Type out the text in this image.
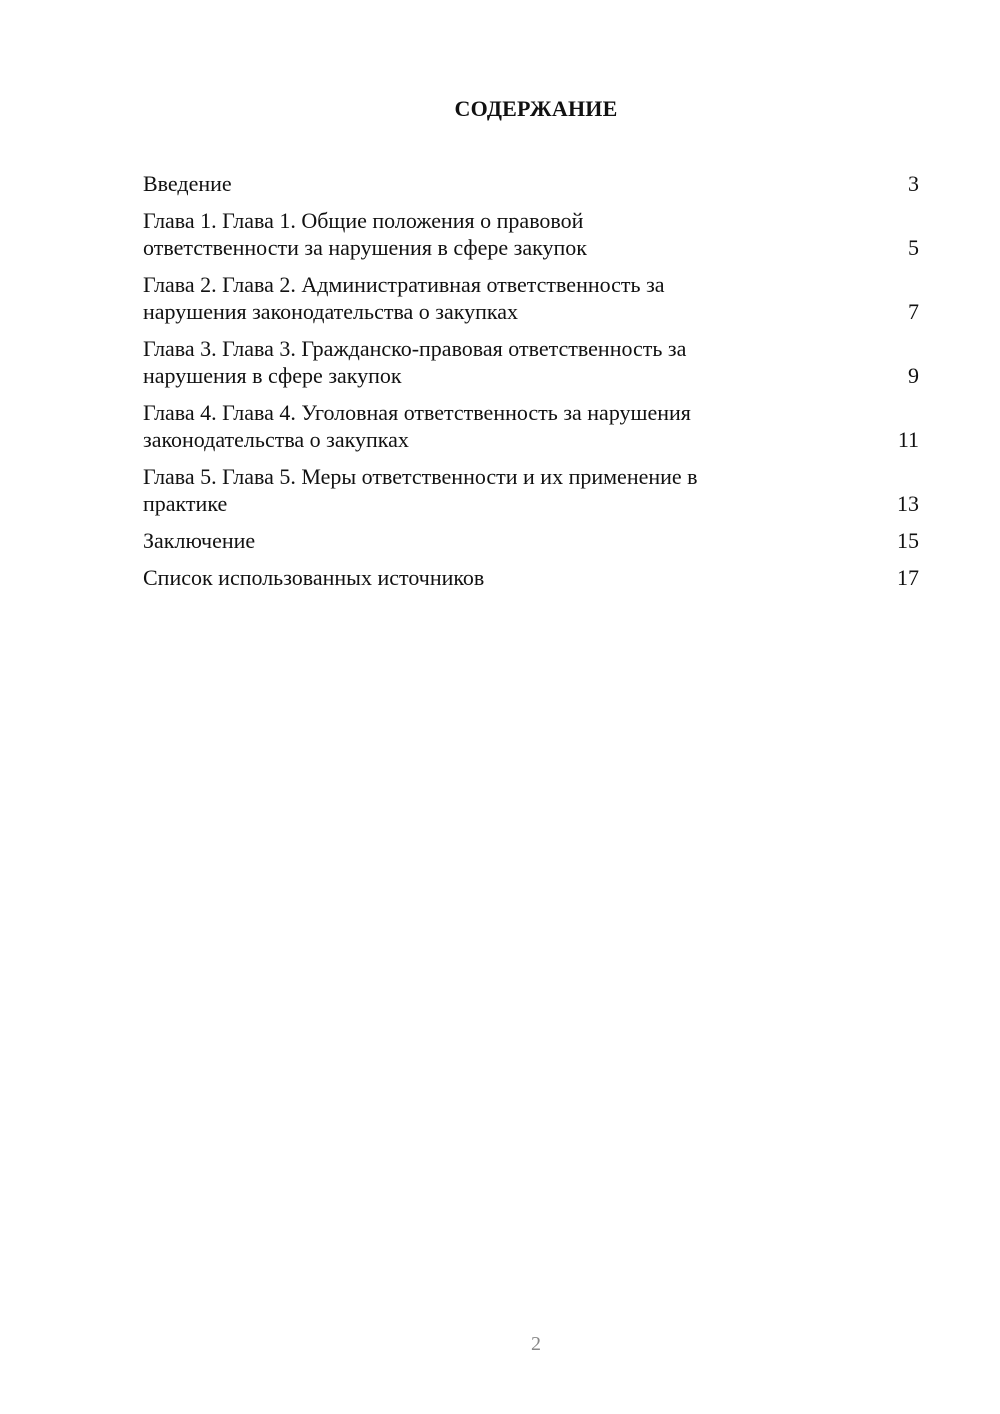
СОДЕРЖАНИЕ
Введение	3
Глава 1. Глава 1. Общие положения о правовой
ответственности за нарушения в сфере закупок	5
Глава 2. Глава 2. Административная ответственность за
нарушения законодательства о закупках	7
Глава 3. Глава 3. Гражданско-правовая ответственность за
нарушения в сфере закупок	9
Глава 4. Глава 4. Уголовная ответственность за нарушения
законодательства о закупках	11
Глава 5. Глава 5. Меры ответственности и их применение в
практике	13
Заключение	15
Список использованных источников	17
2
